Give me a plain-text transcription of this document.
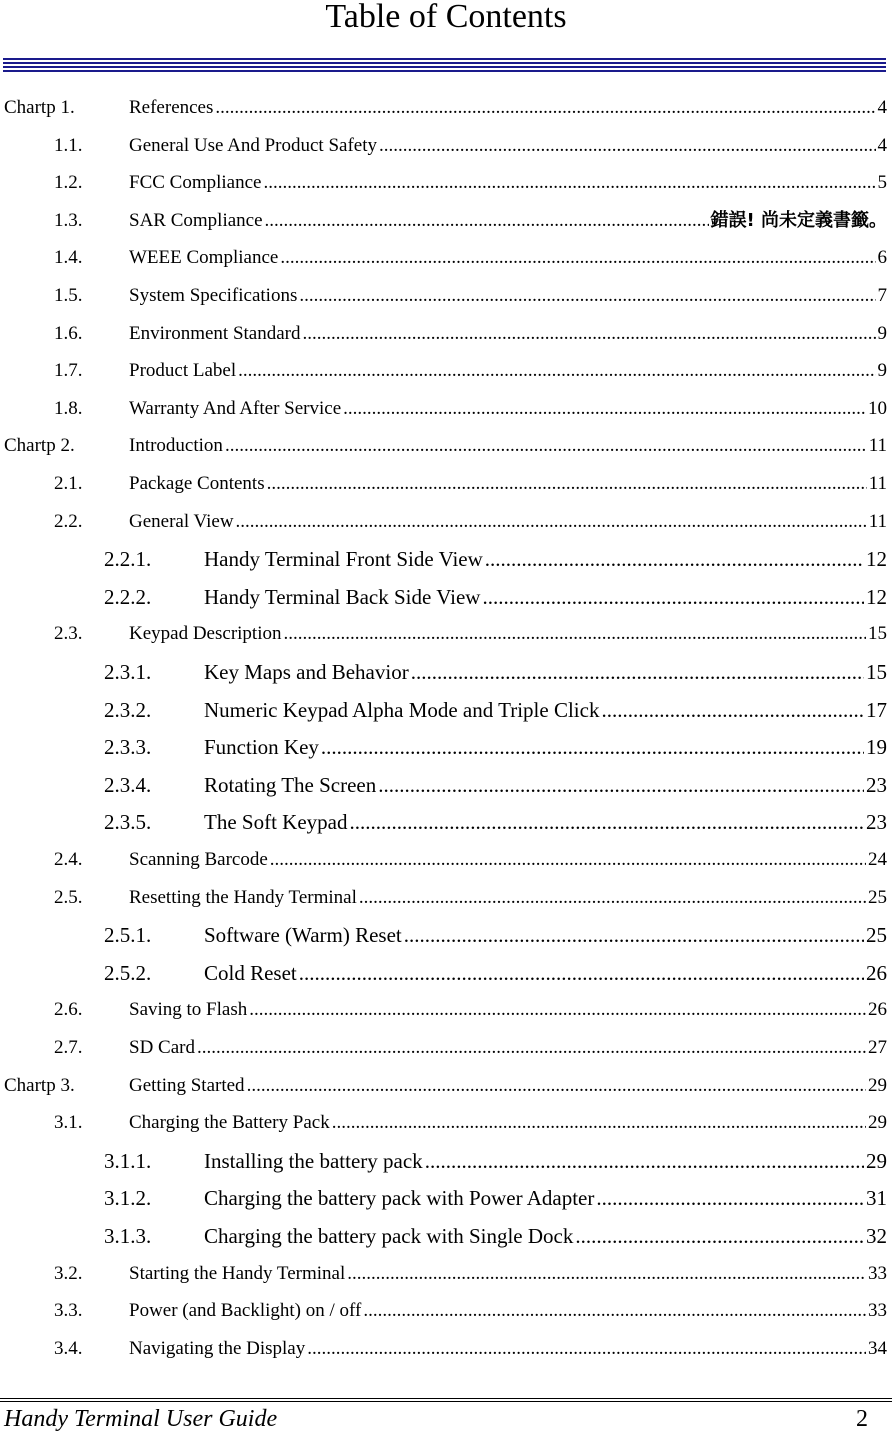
Table of Contents
Chartp 1.	References .....	4
1.1.	General Use And Product Safety .....	4
1.2.	FCC Compliance .....	5
1.3.	SAR Compliance .....	錯誤! 尚未定義書籤。
1.4.	WEEE Compliance .....	6
1.5.	System Specifications .....	7
1.6.	Environment Standard .....	9
1.7.	Product Label .....	9
1.8.	Warranty And After Service .....	10
Chartp 2.	Introduction .....	11
2.1.	Package Contents .....	11
2.2.	General View .....	11
2.2.1.	Handy Terminal Front Side View .....	12
2.2.2.	Handy Terminal Back Side View .....	12
2.3.	Keypad Description .....	15
2.3.1.	Key Maps and Behavior .....	15
2.3.2.	Numeric Keypad Alpha Mode and Triple Click .....	17
2.3.3.	Function Key .....	19
2.3.4.	Rotating The Screen .....	23
2.3.5.	The Soft Keypad .....	23
2.4.	Scanning Barcode .....	24
2.5.	Resetting the Handy Terminal .....	25
2.5.1.	Software (Warm) Reset .....	25
2.5.2.	Cold Reset .....	26
2.6.	Saving to Flash .....	26
2.7.	SD Card .....	27
Chartp 3.	Getting Started .....	29
3.1.	Charging the Battery Pack .....	29
3.1.1.	Installing the battery pack .....	29
3.1.2.	Charging the battery pack with Power Adapter .....	31
3.1.3.	Charging the battery pack with Single Dock .....	32
3.2.	Starting the Handy Terminal .....	33
3.3.	Power (and Backlight) on / off .....	33
3.4.	Navigating the Display .....	34
Handy Terminal User Guide	2
